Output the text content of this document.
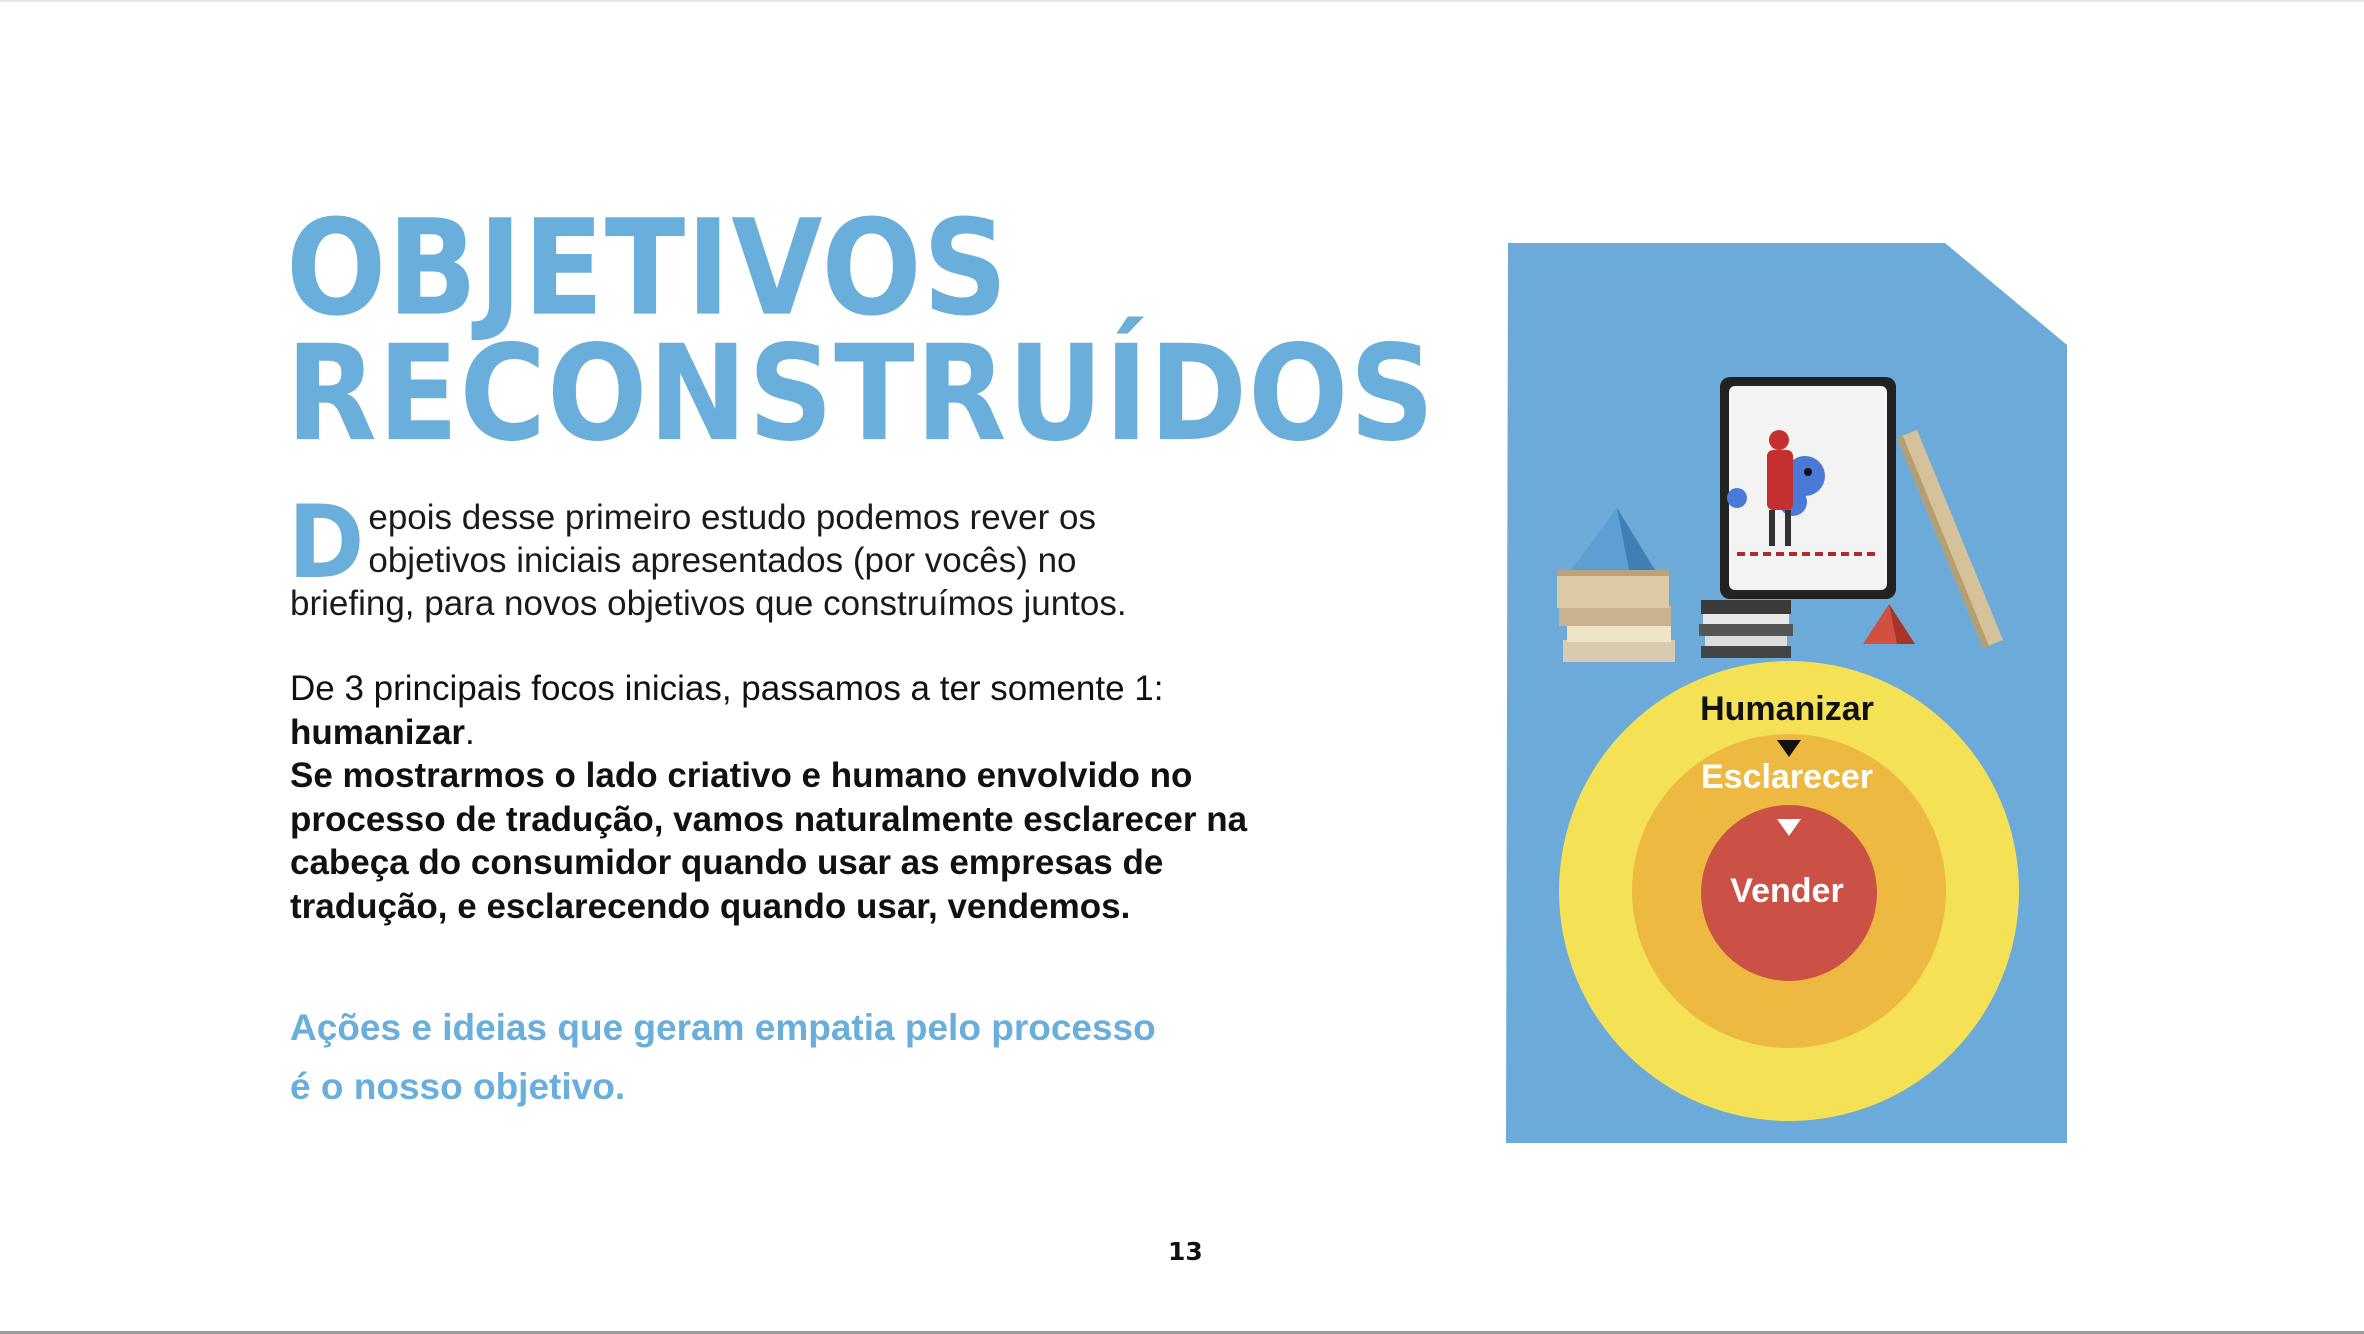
OBJETIVOS
RECONSTRUÍDOS

Depois desse primeiro estudo podemos rever os objetivos iniciais apresentados (por vocês) no briefing, para novos objetivos que construímos juntos.

De 3 principais focos inicias, passamos a ter somente 1:
humanizar.
Se mostrarmos o lado criativo e humano envolvido no processo de tradução, vamos naturalmente esclarecer na cabeça do consumidor quando usar as empresas de tradução, e esclarecendo quando usar, vendemos.

Ações e ideias que geram empatia pelo processo
é o nosso objetivo.

Humanizar

Esclarecer

Vender

13
